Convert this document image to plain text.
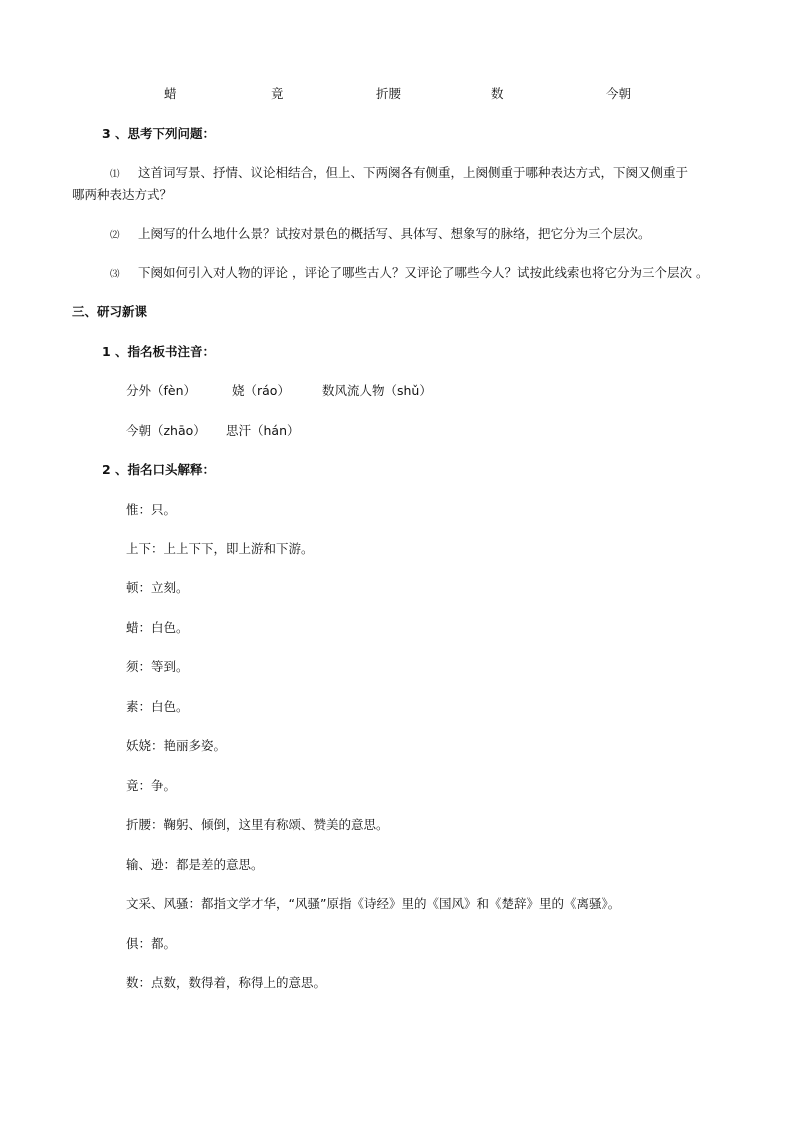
蜡	竟	折腰	数	今朝
3 、思考下列问题：
⑴ 这首词写景、抒情、议论相结合，但上、下两阕各有侧重，上阕侧重于哪种表达方式，下阕又侧重于
哪两种表达方式？
⑵ 上阕写的什么地什么景？试按对景色的概括写、具体写、想象写的脉络，把它分为三个层次。
⑶ 下阕如何引入对人物的评论 ，评论了哪些古人？又评论了哪些今人？试按此线索也将它分为三个层次 。
三、研习新课
1 、指名板书注音：
分外（fèn）	娆（ráo）	数风流人物（shǔ）
今朝（zhāo） 思汗（hán）
2 、指名口头解释：
惟：只。
上下：上上下下，即上游和下游。
顿：立刻。
蜡：白色。
须：等到。
素：白色。
妖娆：艳丽多姿。
竟：争。
折腰：鞠躬、倾倒，这里有称颂、赞美的意思。
输、逊：都是差的意思。
文采、风骚：都指文学才华，“风骚”原指《诗经》里的《国风》和《楚辞》里的《离骚》。
俱：都。
数：点数，数得着，称得上的意思。
